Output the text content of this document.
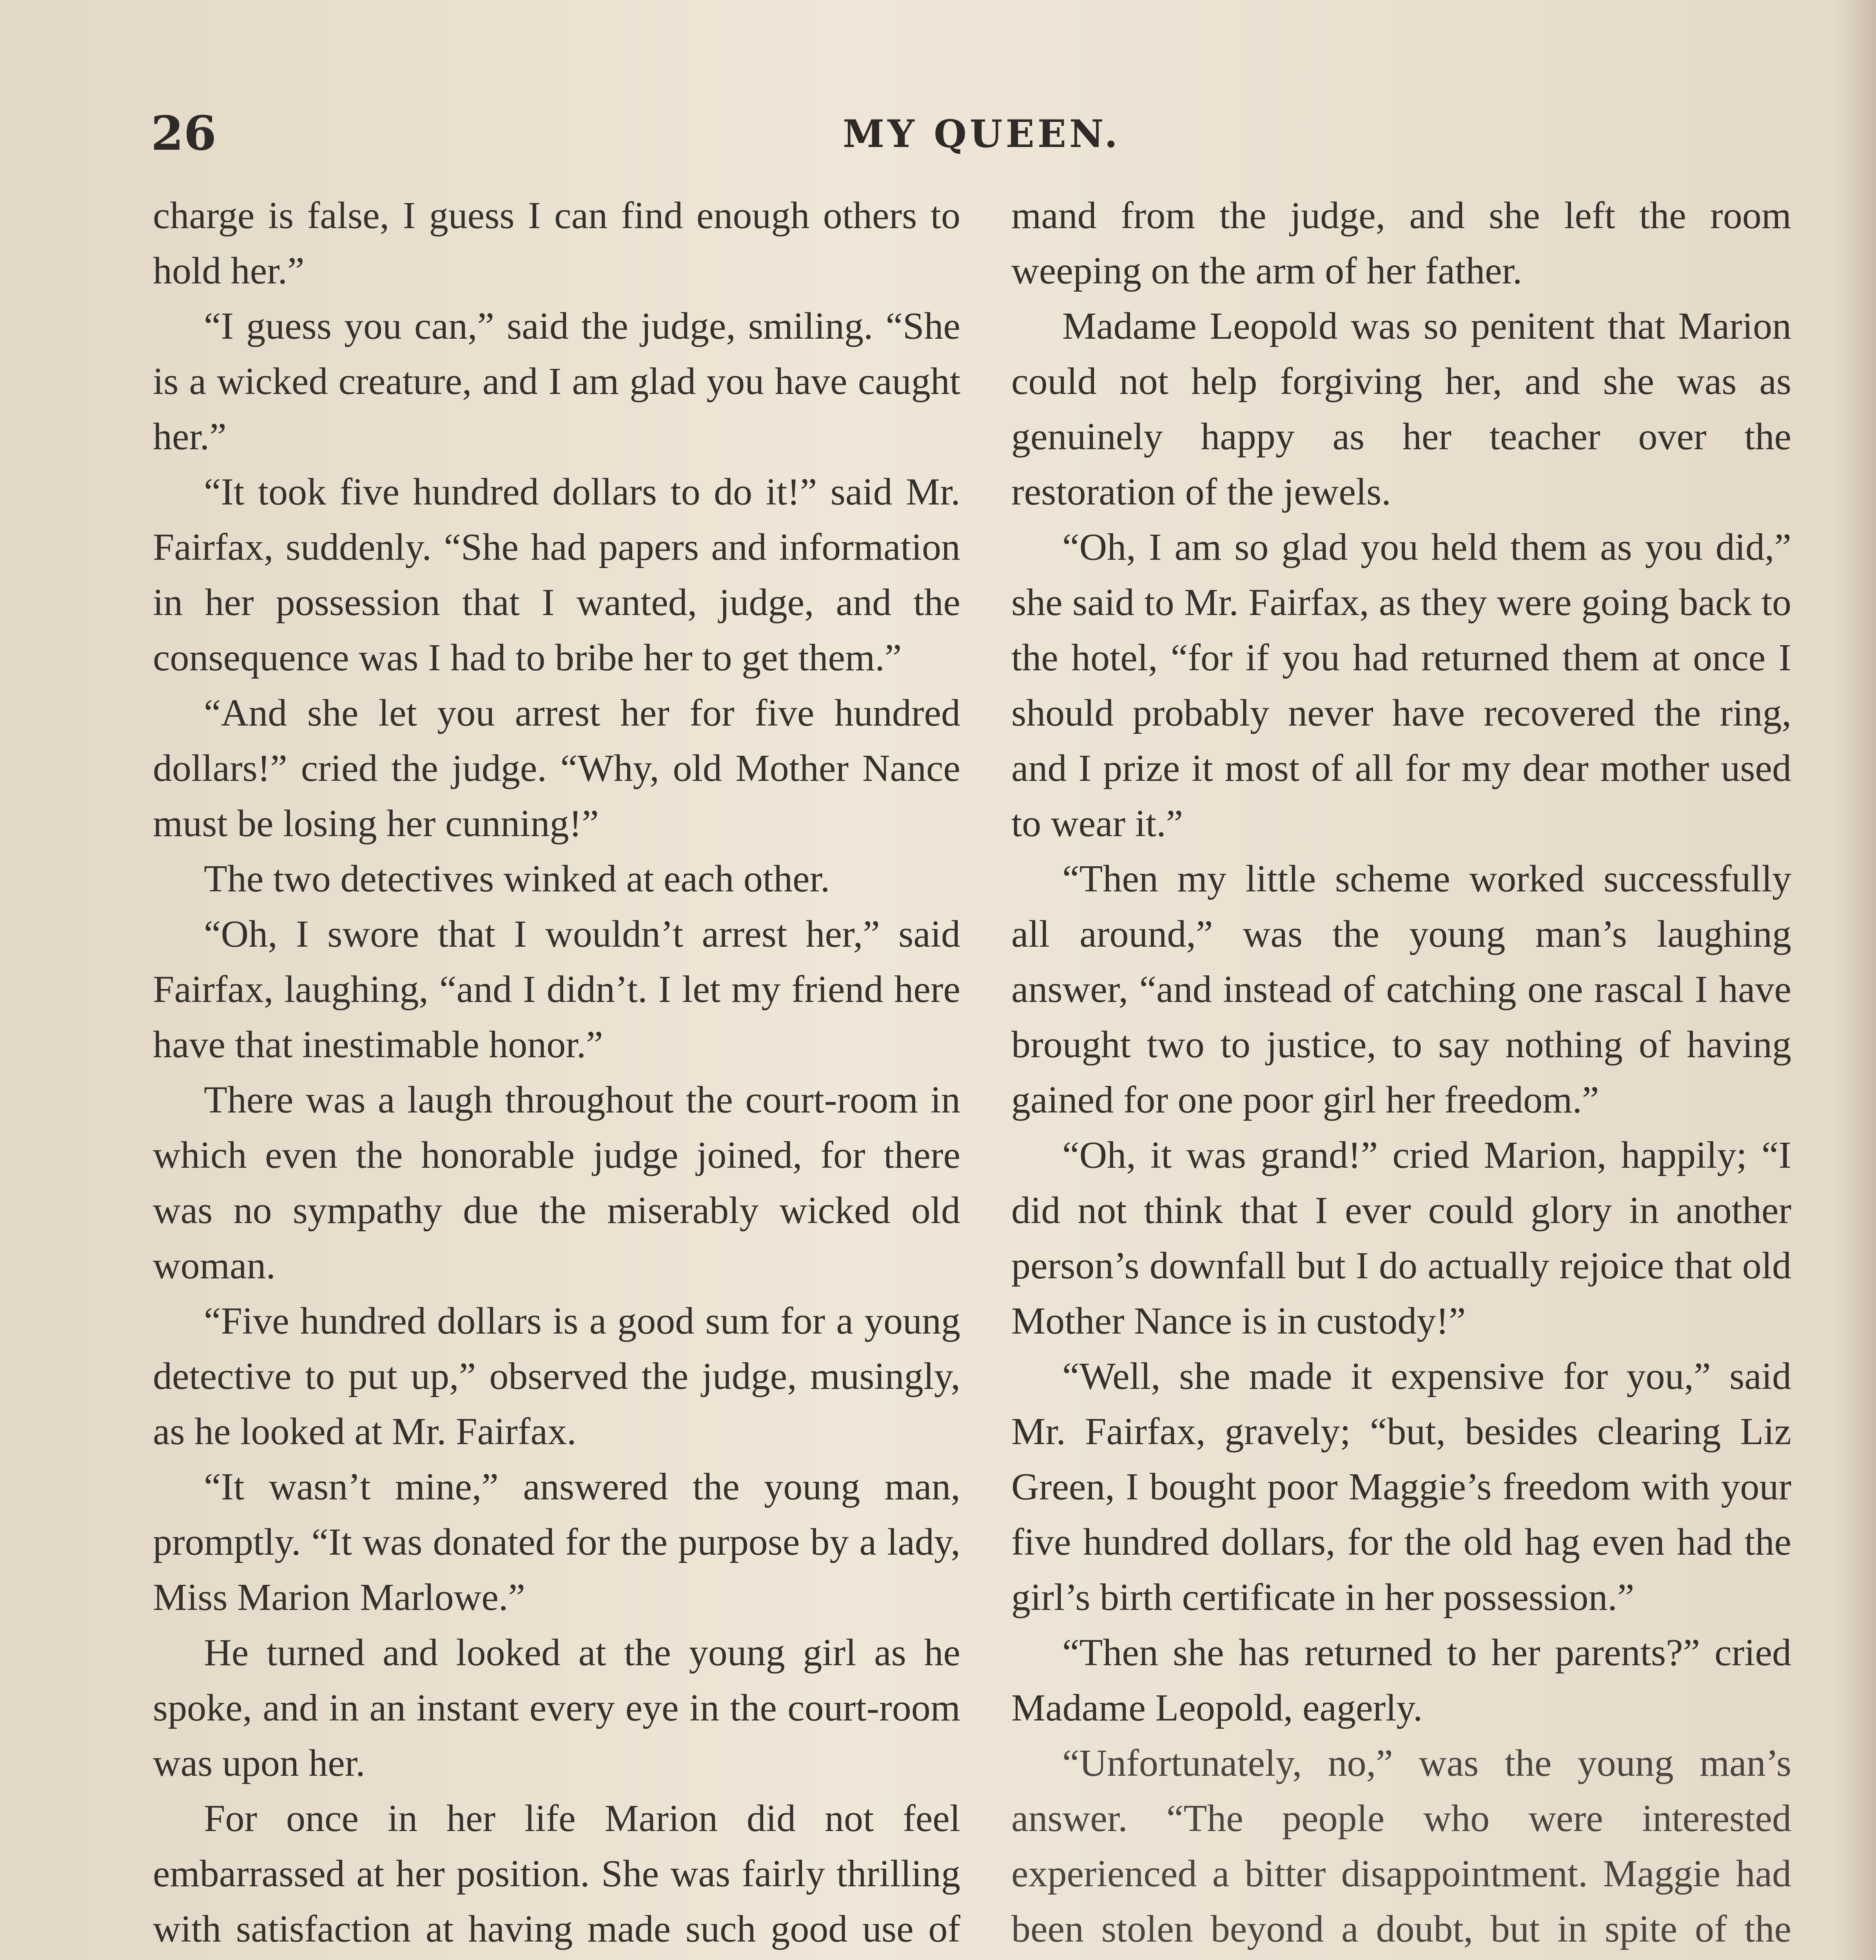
26	MY QUEEN.

charge is false, I guess I can find enough others to hold her.”

“I guess you can,” said the judge, smiling. “She is a wicked creature, and I am glad you have caught her.”

“It took five hundred dollars to do it!” said Mr. Fairfax, suddenly. “She had papers and information in her possession that I wanted, judge, and the consequence was I had to bribe her to get them.”

“And she let you arrest her for five hundred dollars!” cried the judge. “Why, old Mother Nance must be losing her cunning!”

The two detectives winked at each other.

“Oh, I swore that I wouldn’t arrest her,” said Fairfax, laughing, “and I didn’t. I let my friend here have that inestimable honor.”

There was a laugh throughout the court-room in which even the honorable judge joined, for there was no sympathy due the miserably wicked old woman.

“Five hundred dollars is a good sum for a young detective to put up,” observed the judge, musingly, as he looked at Mr. Fairfax.

“It wasn’t mine,” answered the young man, promptly. “It was donated for the purpose by a lady, Miss Marion Marlowe.”

He turned and looked at the young girl as he spoke, and in an instant every eye in the court-room was upon her.

For once in her life Marion did not feel embarrassed at her position. She was fairly thrilling with satisfaction at having made such good use of

mand from the judge, and she left the room weeping on the arm of her father.

Madame Leopold was so penitent that Marion could not help forgiving her, and she was as genuinely happy as her teacher over the restoration of the jewels.

“Oh, I am so glad you held them as you did,” she said to Mr. Fairfax, as they were going back to the hotel, “for if you had returned them at once I should probably never have recovered the ring, and I prize it most of all for my dear mother used to wear it.”

“Then my little scheme worked successfully all around,” was the young man’s laughing answer, “and instead of catching one rascal I have brought two to justice, to say nothing of having gained for one poor girl her freedom.”

“Oh, it was grand!” cried Marion, happily; “I did not think that I ever could glory in another person’s downfall but I do actually rejoice that old Mother Nance is in custody!”

“Well, she made it expensive for you,” said Mr. Fairfax, gravely; “but, besides clearing Liz Green, I bought poor Maggie’s freedom with your five hundred dollars, for the old hag even had the girl’s birth certificate in her possession.”

“Then she has returned to her parents?” cried Madame Leopold, eagerly.

“Unfortunately, no,” was the young man’s answer. “The people who were interested experienced a bitter disappointment. Maggie had been stolen beyond a doubt, but in spite of the
